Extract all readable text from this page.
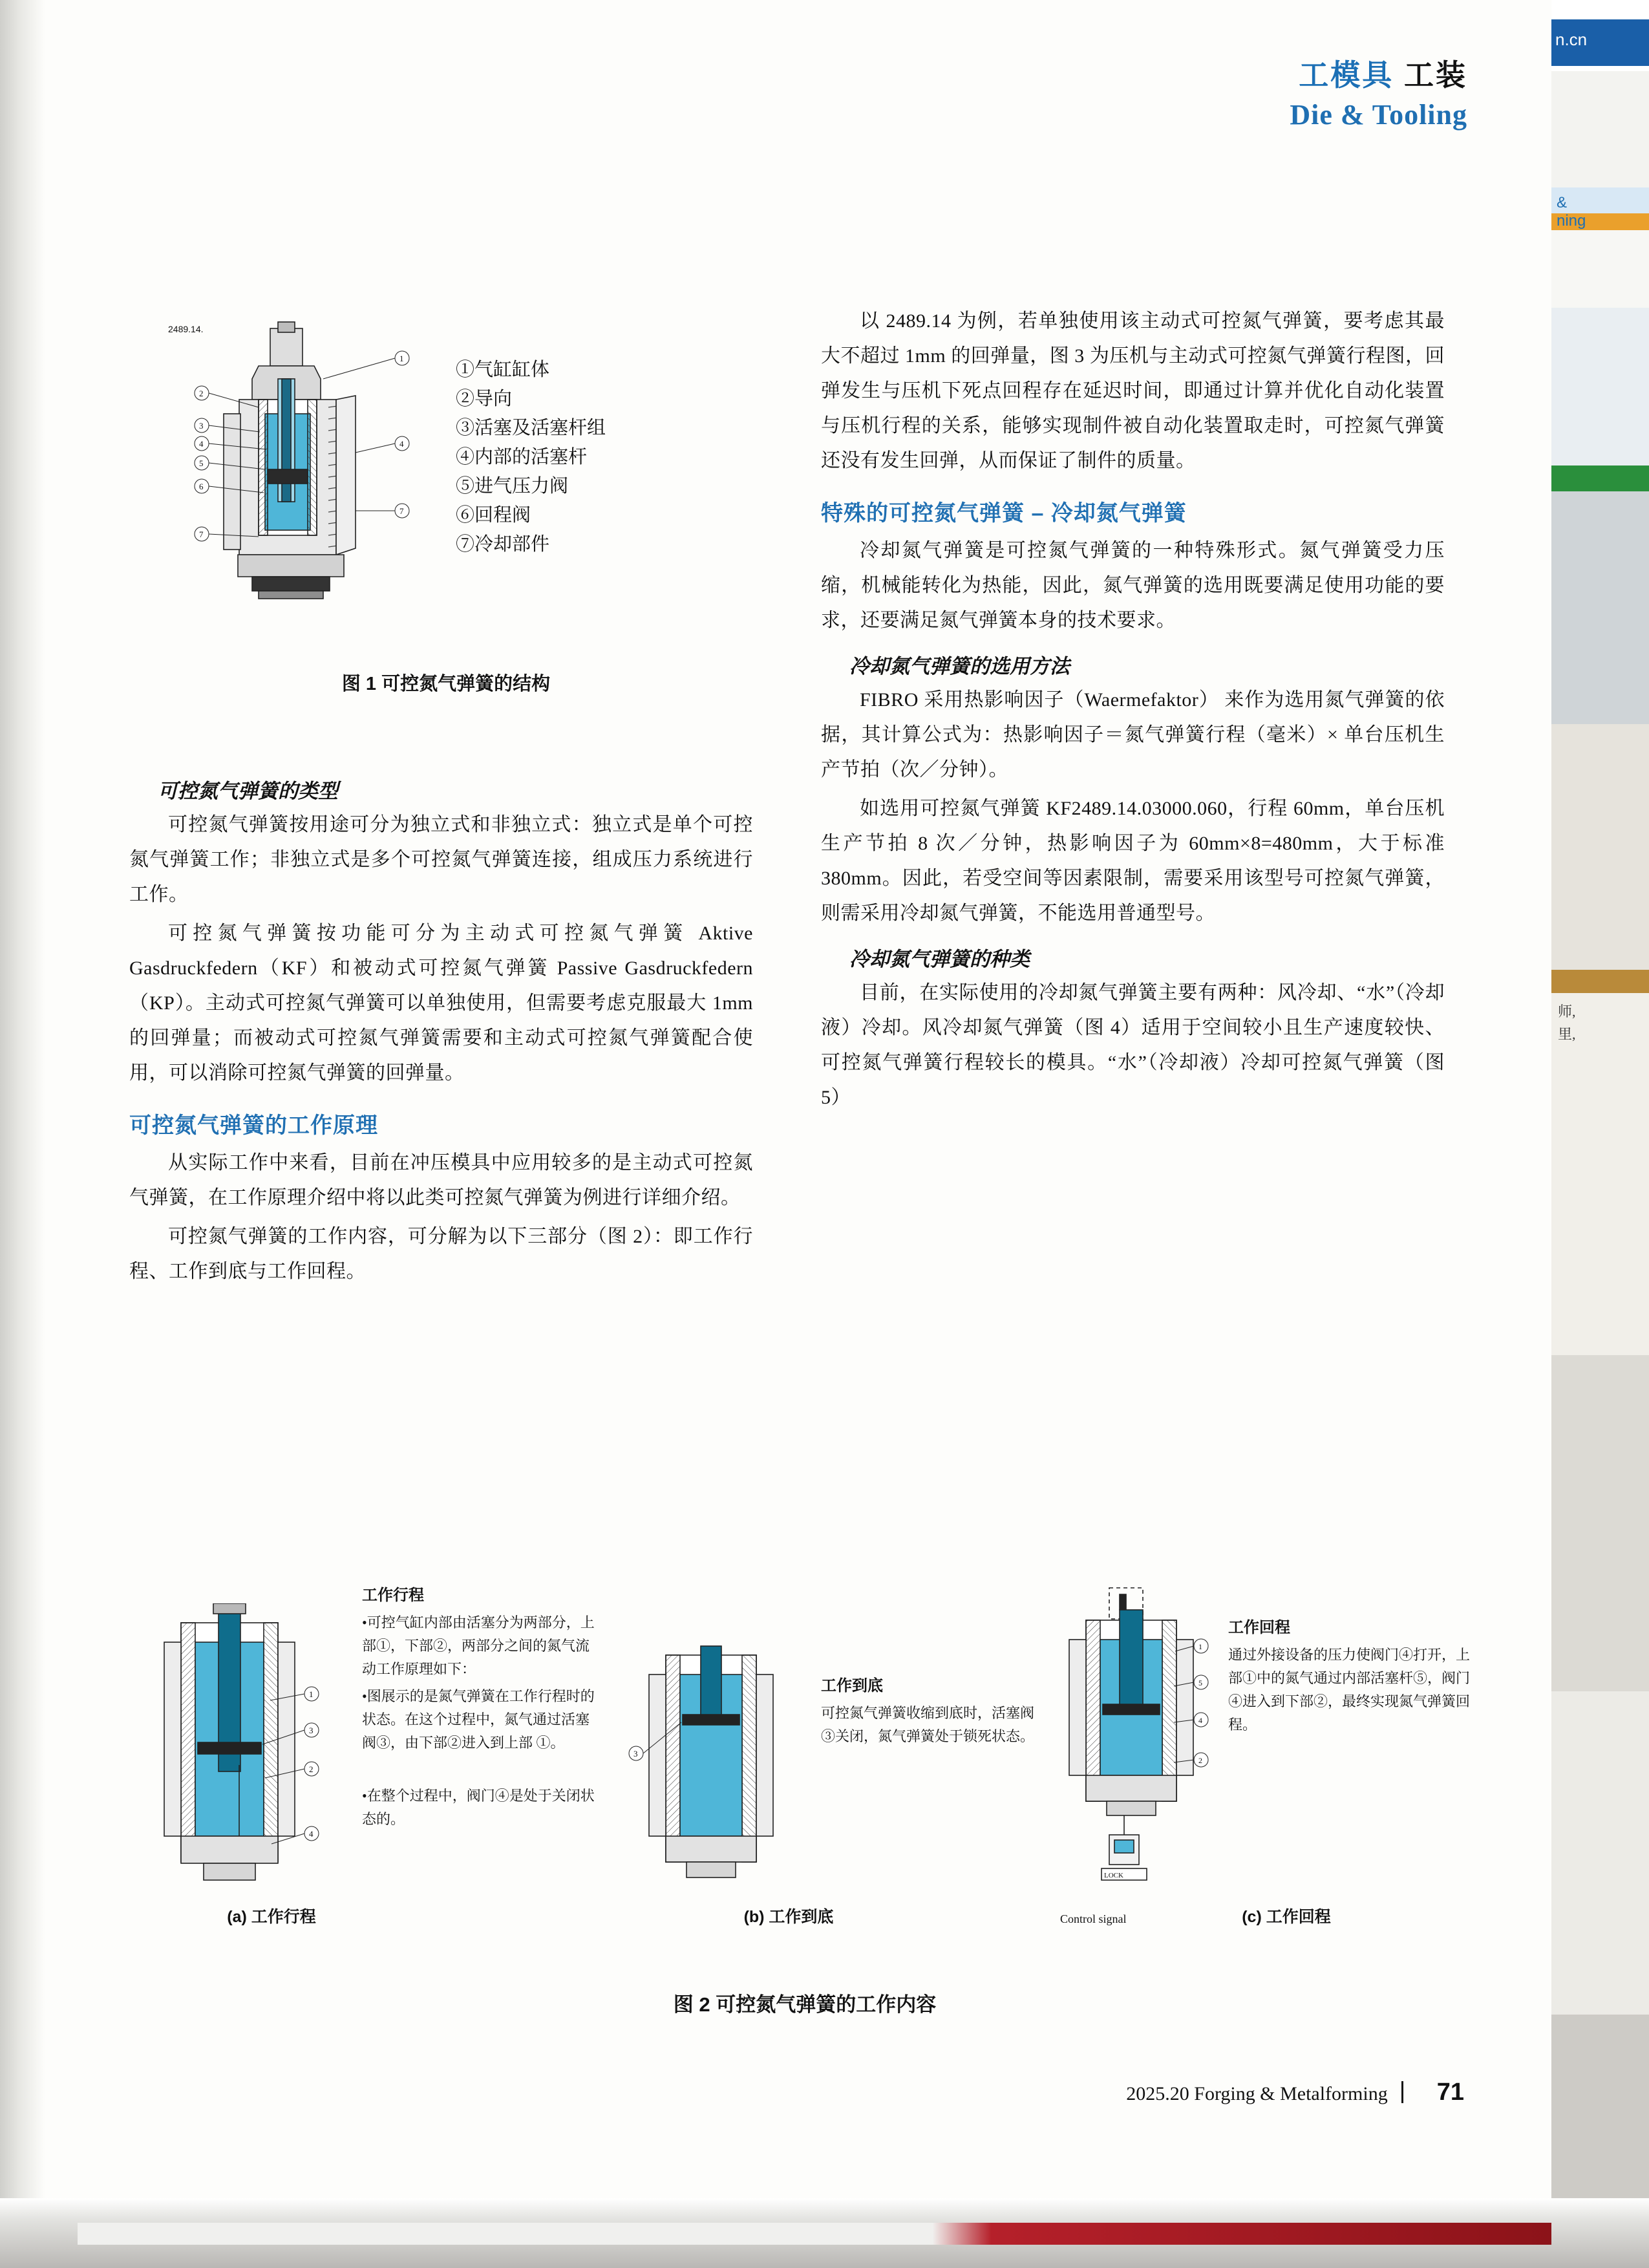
工模具 工装
Die & Tooling
1
2
3
4
5
6
7
4
7
2489.14.
①气缸缸体
②导向
③活塞及活塞杆组
④内部的活塞杆
⑤进气压力阀
⑥回程阀
⑦冷却部件
图 1 可控氮气弹簧的结构
可控氮气弹簧的类型

可控氮气弹簧按用途可分为独立式和非独立式：独立式是单个可控氮气弹簧工作；非独立式是多个可控氮气弹簧连接，组成压力系统进行工作。

可控氮气弹簧按功能可分为主动式可控氮气弹簧 Aktive Gasdruckfedern（KF）和被动式可控氮气弹簧 Passive Gasdruckfedern（KP）。主动式可控氮气弹簧可以单独使用，但需要考虑克服最大 1mm 的回弹量；而被动式可控氮气弹簧需要和主动式可控氮气弹簧配合使用，可以消除可控氮气弹簧的回弹量。

可控氮气弹簧的工作原理

从实际工作中来看，目前在冲压模具中应用较多的是主动式可控氮气弹簧，在工作原理介绍中将以此类可控氮气弹簧为例进行详细介绍。

可控氮气弹簧的工作内容，可分解为以下三部分（图 2）：即工作行程、工作到底与工作回程。

以 2489.14 为例，若单独使用该主动式可控氮气弹簧，要考虑其最大不超过 1mm 的回弹量，图 3 为压机与主动式可控氮气弹簧行程图，回弹发生与压机下死点回程存在延迟时间，即通过计算并优化自动化装置与压机行程的关系，能够实现制件被自动化装置取走时，可控氮气弹簧还没有发生回弹，从而保证了制件的质量。

特殊的可控氮气弹簧 – 冷却氮气弹簧

冷却氮气弹簧是可控氮气弹簧的一种特殊形式。氮气弹簧受力压缩，机械能转化为热能，因此，氮气弹簧的选用既要满足使用功能的要求，还要满足氮气弹簧本身的技术要求。

冷却氮气弹簧的选用方法

FIBRO 采用热影响因子（Waermefaktor） 来作为选用氮气弹簧的依据，其计算公式为：热影响因子＝氮气弹簧行程（毫米）× 单台压机生产节拍（次／分钟）。

如选用可控氮气弹簧 KF2489.14.03000.060，行程 60mm，单台压机生产节拍 8 次／分钟，热影响因子为 60mm×8=480mm，大于标准 380mm。因此，若受空间等因素限制，需要采用该型号可控氮气弹簧，则需采用冷却氮气弹簧，不能选用普通型号。

冷却氮气弹簧的种类

目前，在实际使用的冷却氮气弹簧主要有两种：风冷却、“水”（冷却液）冷却。风冷却氮气弹簧（图 4）适用于空间较小且生产速度较快、可控氮气弹簧行程较长的模具。“水”（冷却液）冷却可控氮气弹簧（图 5）

1
3
2
4
工作行程
•可控气缸内部由活塞分为两部分，上部①，下部②，两部分之间的氮气流动工作原理如下：
•图展示的是氮气弹簧在工作行程时的状态。在这个过程中，氮气通过活塞阀③，由下部②进入到上部 ①。
•在整个过程中，阀门④是处于关闭状态的。
(a) 工作行程
3
工作到底
可控氮气弹簧收缩到底时，活塞阀③关闭，氮气弹簧处于锁死状态。
(b) 工作到底
1
5
4
2
LOCK
Control signal
工作回程
通过外接设备的压力使阀门④打开，上部①中的氮气通过内部活塞杆⑤，阀门④进入到下部②，最终实现氮气弹簧回程。
(c) 工作回程
图 2 可控氮气弹簧的工作内容
2025.20 Forging & Metalforming 71
n.cn
&
ning
师,
里,
